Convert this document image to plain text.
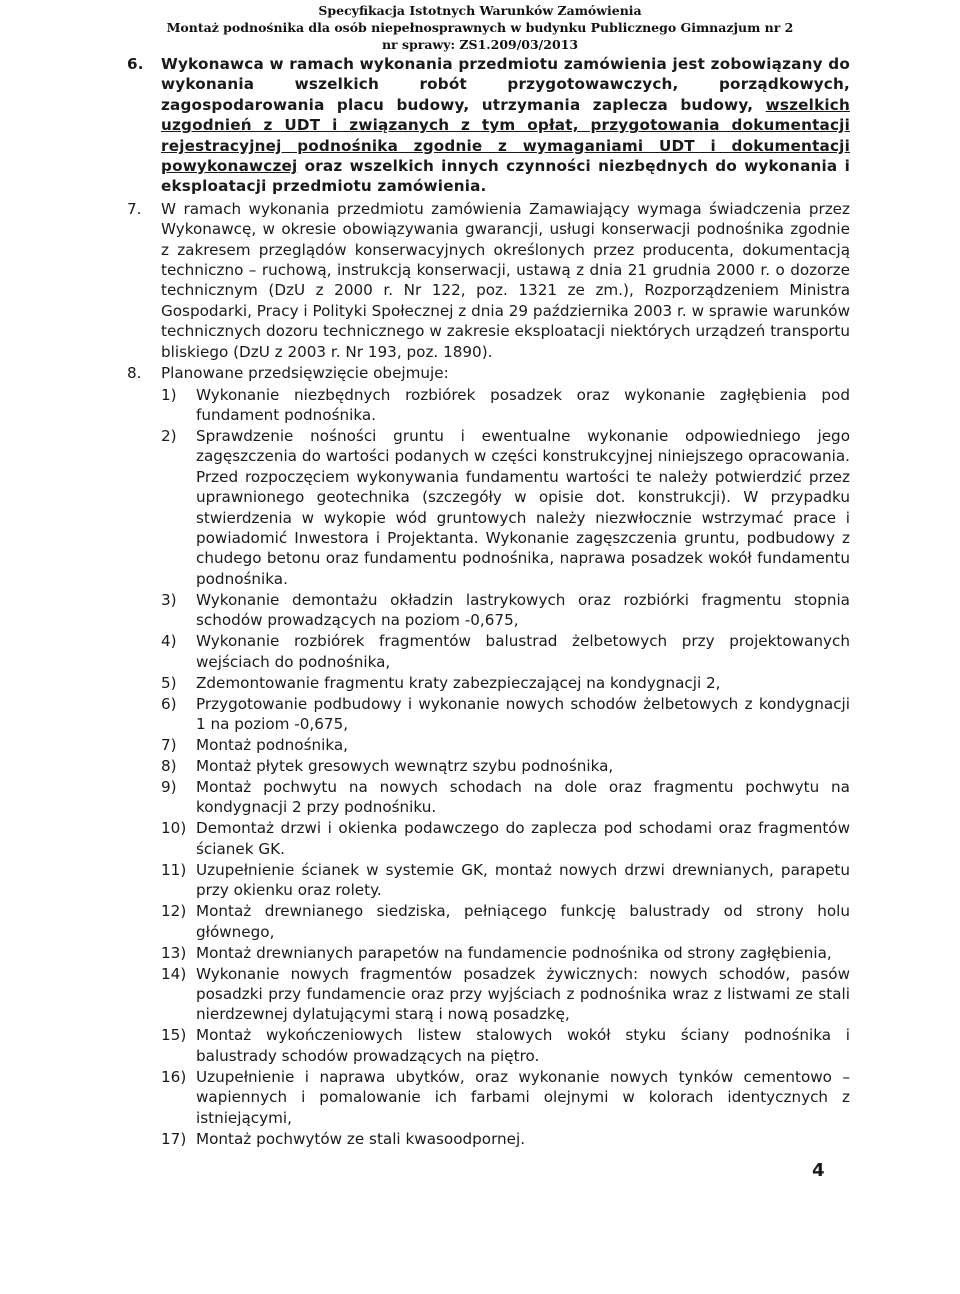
Specyfikacja Istotnych Warunków Zamówienia
Montaż podnośnika dla osób niepełnosprawnych w budynku Publicznego Gimnazjum nr 2
nr sprawy: ZS1.209/03/2013

6. Wykonawca w ramach wykonania przedmiotu zamówienia jest zobowiązany do wykonania wszelkich robót przygotowawczych, porządkowych, zagospodarowania placu budowy, utrzymania zaplecza budowy, wszelkich uzgodnień z UDT i związanych z tym opłat, przygotowania dokumentacji rejestracyjnej podnośnika zgodnie z wymaganiami UDT i dokumentacji powykonawczej oraz wszelkich innych czynności niezbędnych do wykonania i eksploatacji przedmiotu zamówienia.

7. W ramach wykonania przedmiotu zamówienia Zamawiający wymaga świadczenia przez Wykonawcę, w okresie obowiązywania gwarancji, usługi konserwacji podnośnika zgodnie z zakresem przeglądów konserwacyjnych określonych przez producenta, dokumentacją techniczno – ruchową, instrukcją konserwacji, ustawą z dnia 21 grudnia 2000 r. o dozorze technicznym (DzU z 2000 r. Nr 122, poz. 1321 ze zm.), Rozporządzeniem Ministra Gospodarki, Pracy i Polityki Społecznej z dnia 29 października 2003 r. w sprawie warunków technicznych dozoru technicznego w zakresie eksploatacji niektórych urządzeń transportu bliskiego (DzU z 2003 r. Nr 193, poz. 1890).

8. Planowane przedsięwzięcie obejmuje:
1) Wykonanie niezbędnych rozbiórek posadzek oraz wykonanie zagłębienia pod fundament podnośnika.
2) Sprawdzenie nośności gruntu i ewentualne wykonanie odpowiedniego jego zagęszczenia do wartości podanych w części konstrukcyjnej niniejszego opracowania. Przed rozpoczęciem wykonywania fundamentu wartości te należy potwierdzić przez uprawnionego geotechnika (szczegóły w opisie dot. konstrukcji). W przypadku stwierdzenia w wykopie wód gruntowych należy niezwłocznie wstrzymać prace i powiadomić Inwestora i Projektanta. Wykonanie zagęszczenia gruntu, podbudowy z chudego betonu oraz fundamentu podnośnika, naprawa posadzek wokół fundamentu podnośnika.
3) Wykonanie demontażu okładzin lastrykowych oraz rozbiórki fragmentu stopnia schodów prowadzących na poziom -0,675,
4) Wykonanie rozbiórek fragmentów balustrad żelbetowych przy projektowanych wejściach do podnośnika,
5) Zdemontowanie fragmentu kraty zabezpieczającej na kondygnacji 2,
6) Przygotowanie podbudowy i wykonanie nowych schodów żelbetowych z kondygnacji 1 na poziom -0,675,
7) Montaż podnośnika,
8) Montaż płytek gresowych wewnątrz szybu podnośnika,
9) Montaż pochwytu na nowych schodach na dole oraz fragmentu pochwytu na kondygnacji 2 przy podnośniku.
10) Demontaż drzwi i okienka podawczego do zaplecza pod schodami oraz fragmentów ścianek GK.
11) Uzupełnienie ścianek w systemie GK, montaż nowych drzwi drewnianych, parapetu przy okienku oraz rolety.
12) Montaż drewnianego siedziska, pełniącego funkcję balustrady od strony holu głównego,
13) Montaż drewnianych parapetów na fundamencie podnośnika od strony zagłębienia,
14) Wykonanie nowych fragmentów posadzek żywicznych: nowych schodów, pasów posadzki przy fundamencie oraz przy wyjściach z podnośnika wraz z listwami ze stali nierdzewnej dylatującymi starą i nową posadzkę,
15) Montaż wykończeniowych listew stalowych wokół styku ściany podnośnika i balustrady schodów prowadzących na piętro.
16) Uzupełnienie i naprawa ubytków, oraz wykonanie nowych tynków cementowo – wapiennych i pomalowanie ich farbami olejnymi w kolorach identycznych z istniejącymi,
17) Montaż pochwytów ze stali kwasoodpornej.
4
